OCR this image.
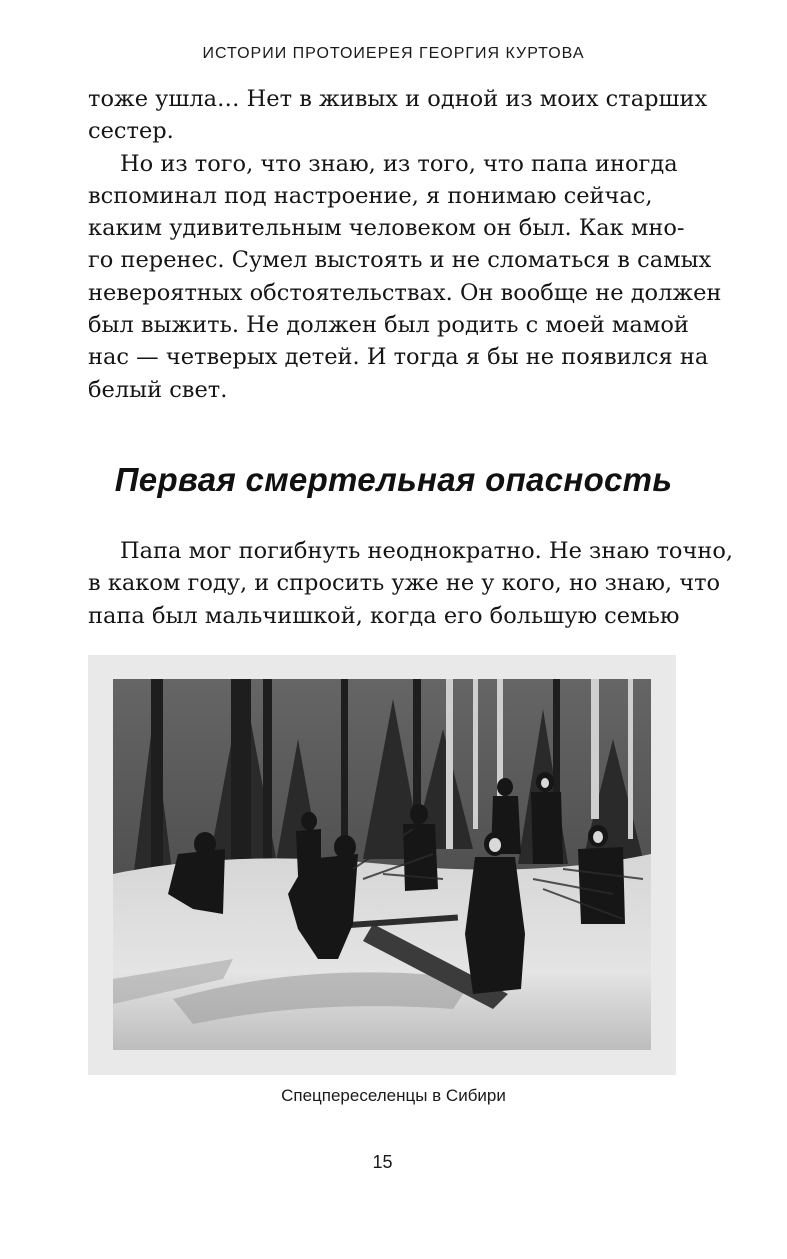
ИСТОРИИ ПРОТОИЕРЕЯ ГЕОРГИЯ КУРТОВА
тоже ушла… Нет в живых и одной из моих старших
сестер.
Но из того, что знаю, из того, что папа иногда
вспоминал под настроение, я понимаю сейчас,
каким удивительным человеком он был. Как мно-
го перенес. Сумел выстоять и не сломаться в самых
невероятных обстоятельствах. Он вообще не должен
был выжить. Не должен был родить с моей мамой
нас — четверых детей. И тогда я бы не появился на
белый свет.
Первая смертельная опасность
Папа мог погибнуть неоднократно. Не знаю точно,
в каком году, и спросить уже не у кого, но знаю, что
папа был мальчишкой, когда его большую семью
Спецпереселенцы в Сибири
15
